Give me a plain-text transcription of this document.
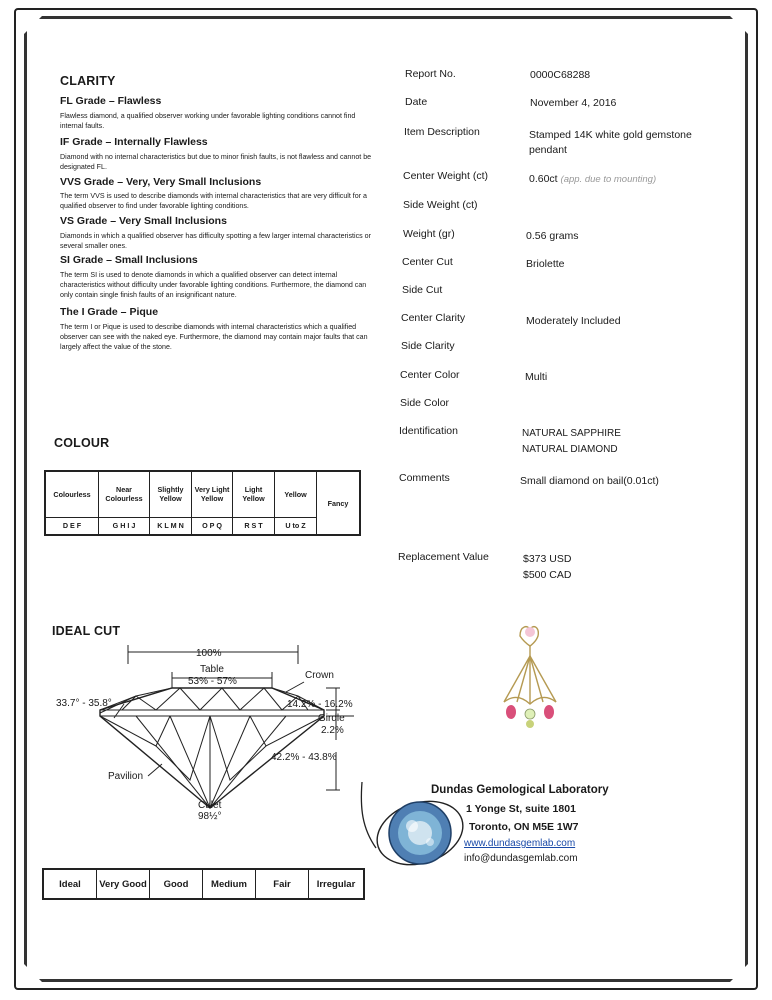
CLARITY
FL Grade – Flawless
Flawless diamond, a qualified observer working under favorable lighting conditions cannot find internal faults.
IF Grade – Internally Flawless
Diamond with no internal characteristics but due to minor finish faults, is not flawless and cannot be designated FL.
VVS Grade – Very, Very Small Inclusions
The term VVS is used to describe diamonds with internal characteristics that are very difficult for a qualified observer to find under favorable lighting conditions.
VS Grade – Very Small Inclusions
Diamonds in which a qualified observer has difficulty spotting a few larger internal characteristics or several smaller ones.
SI Grade – Small Inclusions
The term SI is used to denote diamonds in which a qualified observer can detect internal characteristics without difficulty under favorable lighting conditions. Furthermore, the diamond can only contain single finish faults of an insignificant nature.
The I Grade – Pique
The term I or Pique is used to describe diamonds with internal characteristics which a qualified observer can see with the naked eye. Furthermore, the diamond may contain major faults that can largely affect the value of the stone.
COLOUR
Colourless	Near Colourless	Slightly Yellow	Very Light Yellow	Light Yellow	Yellow	Fancy
D E F	G H I J	K L M N	O P Q	R S T	U to Z	
IDEAL CUT
100%
Table
53% - 57%
Crown
33.7° - 35.8°	14.2% - 16.2%
Girdle
2.2%
42.2% - 43.8%
Pavilion
Culet
98½°
Ideal	Very Good	Good	Medium	Fair	Irregular
Report No.	0000C68288
Date	November 4, 2016
Item Description	Stamped 14K white gold gemstone pendant
Center Weight (ct)	0.60ct (app. due to mounting)
Side Weight (ct)
Weight (gr)	0.56 grams
Center Cut	Briolette
Side Cut
Center Clarity	Moderately Included
Side Clarity
Center Color	Multi
Side Color
Identification	NATURAL SAPPHIRE
NATURAL DIAMOND
Comments	Small diamond on bail(0.01ct)
Replacement Value	$373 USD
$500 CAD
Dundas Gemological Laboratory
1 Yonge St, suite 1801
Toronto, ON M5E 1W7
www.dundasgemlab.com
info@dundasgemlab.com
